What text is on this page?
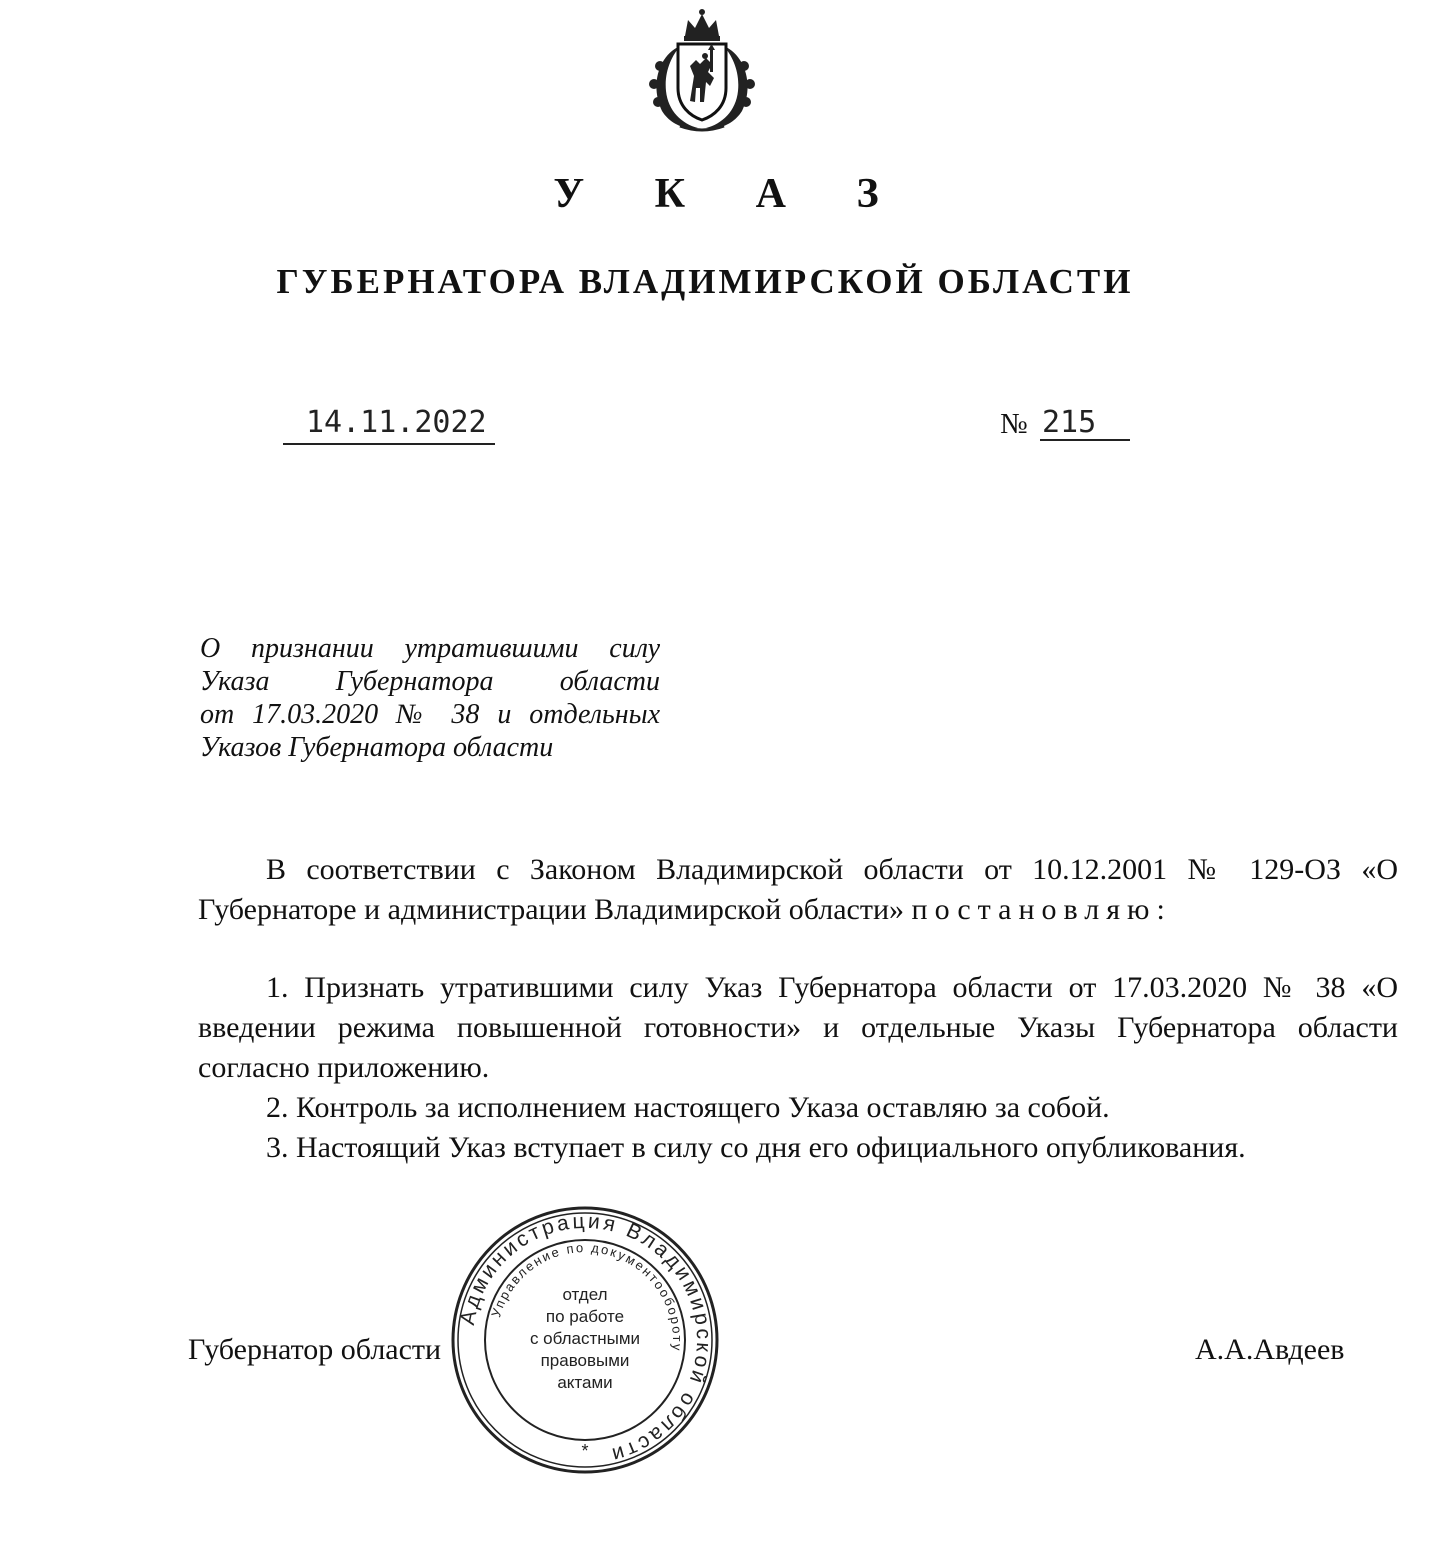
У К А З
ГУБЕРНАТОРА ВЛАДИМИРСКОЙ ОБЛАСТИ
14.11.2022	№ 215

О признании утратившими силу

Указа Губернатора области

от 17.03.2020 № 38 и отдельных

Указов Губернатора области

В соответствии с Законом Владимирской области от 10.12.2001 № 129-ОЗ «О Губернаторе и администрации Владимирской области» постановляю:

1. Признать утратившими силу Указ Губернатора области от 17.03.2020 № 38 «О введении режима повышенной готовности» и отдельные Указы Губернатора области согласно приложению.

2. Контроль за исполнением настоящего Указа оставляю за собой.

3. Настоящий Указ вступает в силу со дня его официального опубликования.

Губернатор области	А.А.Авдеев
Администрация Владимирской области
Управление по документообороту
отдел
по работе
с областными
правовыми
актами
*
